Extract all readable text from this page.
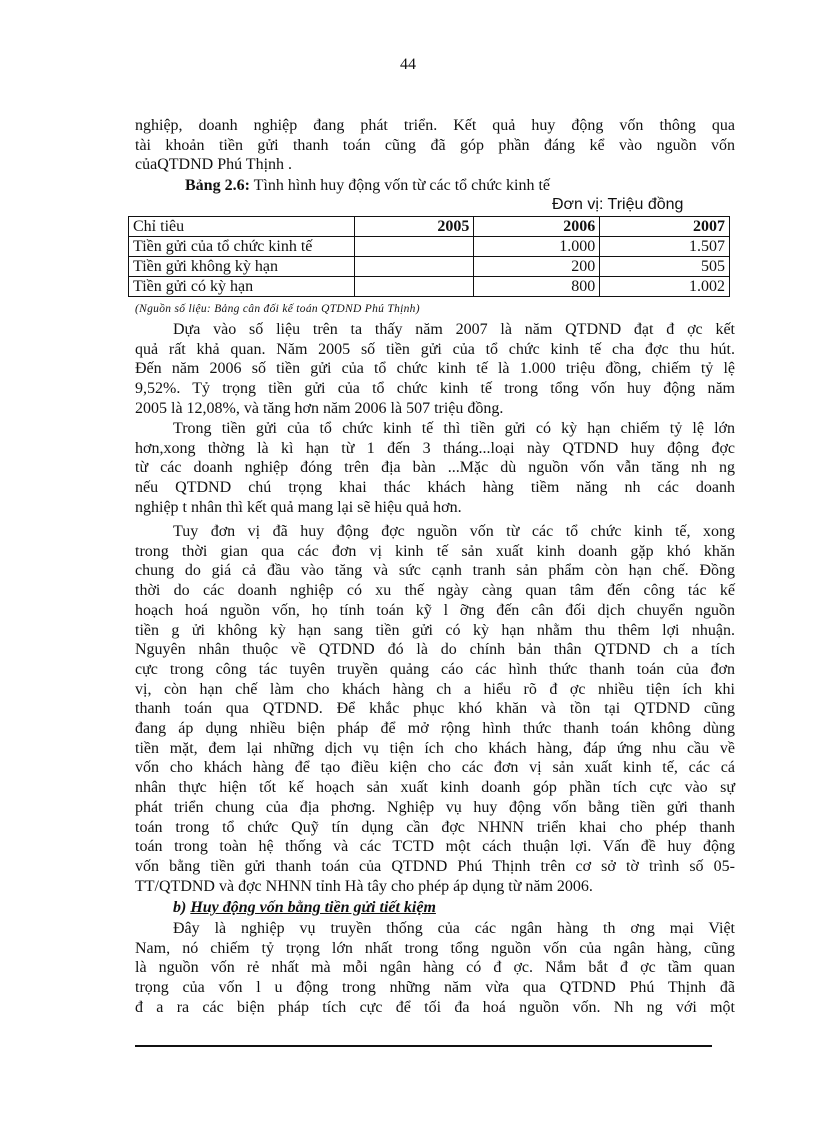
44

nghiệp, doanh nghiệp đang phát triển. Kết quả huy động vốn thông qua

tài khoản tiền gửi thanh toán cũng đã góp phần đáng kể vào nguồn vốn

củaQTDND Phú Thịnh .

Bảng 2.6: Tình hình huy động vốn từ các tổ chức kinh tế
Đơn vị: Triệu đồng
Chỉ tiêu	2005	2006	2007
Tiền gửi của tổ chức kinh tế		1.000	1.507
Tiền gửi không kỳ hạn		200	505
Tiền gửi có kỳ hạn		800	1.002
(Nguồn số liệu: Bảng cân đối kế toán QTDND Phú Thịnh)

Dựa vào số liệu trên ta thấy năm 2007 là năm QTDND đạt đ ợc kết

quả rất khả quan. Năm 2005 số tiền gửi của tổ chức kinh tế cha đợc thu hút.

Đến năm 2006 số tiền gửi của tổ chức kinh tế là 1.000 triệu đồng, chiếm tỷ lệ

9,52%. Tỷ trọng tiền gửi của tổ chức kinh tế trong tổng vốn huy động năm

2005 là 12,08%, và tăng hơn năm 2006 là 507 triệu đồng.

Trong tiền gửi của tổ chức kinh tế thì tiền gửi có kỳ hạn chiếm tỷ lệ lớn

hơn,xong thờng là kì hạn từ 1 đến 3 tháng...loại này QTDND huy động đợc

từ các doanh nghiệp đóng trên địa bàn ...Mặc dù nguồn vốn vẫn tăng nh ng

nếu QTDND chú trọng khai thác khách hàng tiềm năng nh các doanh

nghiệp t nhân thì kết quả mang lại sẽ hiệu quả hơn.

Tuy đơn vị đã huy động đợc nguồn vốn từ các tổ chức kinh tế, xong

trong thời gian qua các đơn vị kinh tế sản xuất kinh doanh gặp khó khăn

chung do giá cả đầu vào tăng và sức cạnh tranh sản phẩm còn hạn chế. Đồng

thời do các doanh nghiệp có xu thế ngày càng quan tâm đến công tác kế

hoạch hoá nguồn vốn, họ tính toán kỹ l ỡng đến cân đối dịch chuyển nguồn

tiền g ửi không kỳ hạn sang tiền gửi có kỳ hạn nhằm thu thêm lợi nhuận.

Nguyên nhân thuộc về QTDND đó là do chính bản thân QTDND ch a tích

cực trong công tác tuyên truyền quảng cáo các hình thức thanh toán của đơn

vị, còn hạn chế làm cho khách hàng ch a hiểu rõ đ ợc nhiều tiện ích khi

thanh toán qua QTDND. Để khắc phục khó khăn và tồn tại QTDND cũng

đang áp dụng nhiều biện pháp để mở rộng hình thức thanh toán không dùng

tiền mặt, đem lại những dịch vụ tiện ích cho khách hàng, đáp ứng nhu cầu về

vốn cho khách hàng để tạo điều kiện cho các đơn vị sản xuất kinh tế, các cá

nhân thực hiện tốt kế hoạch sản xuất kinh doanh góp phần tích cực vào sự

phát triển chung của địa phơng. Nghiệp vụ huy động vốn bằng tiền gửi thanh

toán trong tổ chức Quỹ tín dụng cần đợc NHNN triển khai cho phép thanh

toán trong toàn hệ thống và các TCTD một cách thuận lợi. Vấn đề huy động

vốn bằng tiền gửi thanh toán của QTDND Phú Thịnh trên cơ sở tờ trình số 05-

TT/QTDND và đợc NHNN tỉnh Hà tây cho phép áp dụng từ năm 2006.

b) Huy động vốn bằng tiền gửi tiết kiệm

Đây là nghiệp vụ truyền thống của các ngân hàng th ơng mại Việt

Nam, nó chiếm tỷ trọng lớn nhất trong tổng nguồn vốn của ngân hàng, cũng

là nguồn vốn rẻ nhất mà mỗi ngân hàng có đ ợc. Nắm bắt đ ợc tầm quan

trọng của vốn l u động trong những năm vừa qua QTDND Phú Thịnh đã

đ a ra các biện pháp tích cực để tối đa hoá nguồn vốn. Nh ng với một
